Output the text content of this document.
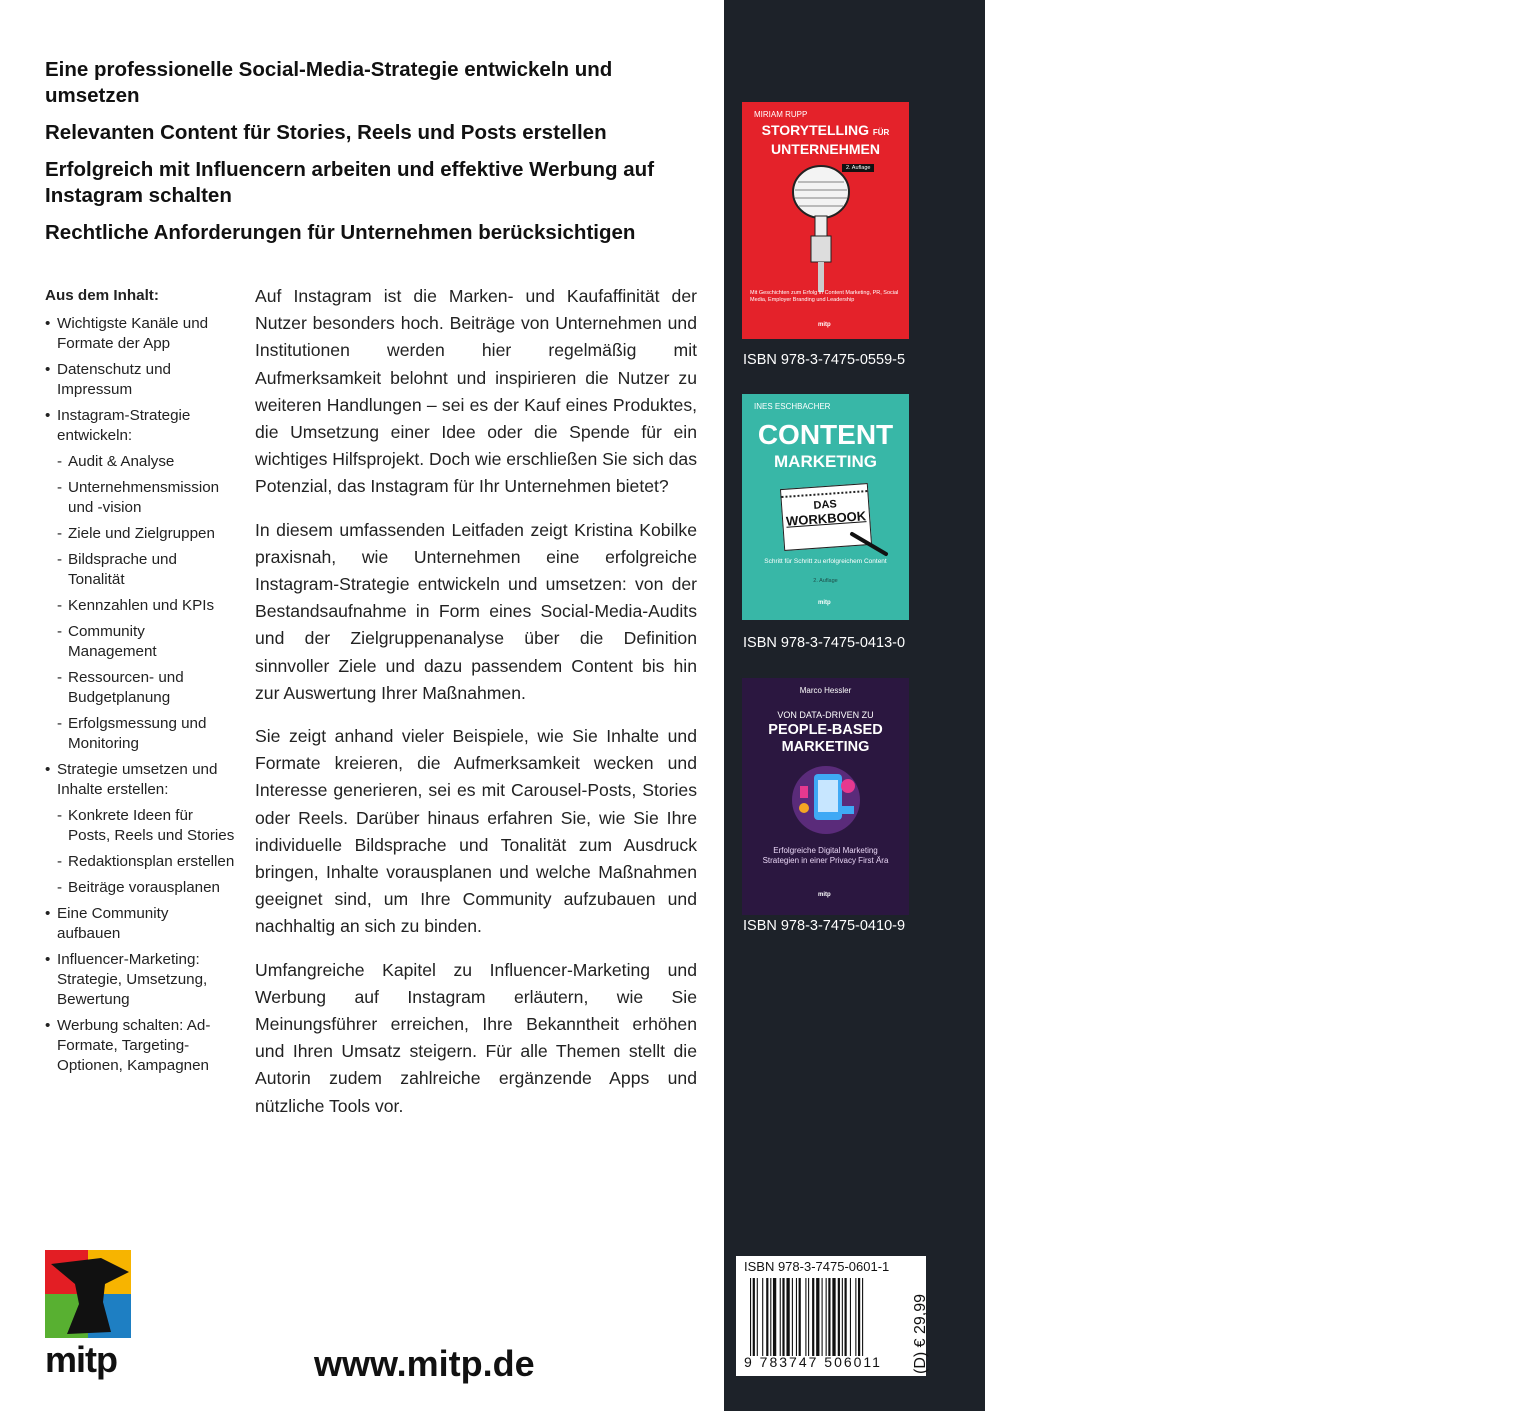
Eine professionelle Social-Media-Strategie entwickeln und umsetzen
Relevanten Content für Stories, Reels und Posts erstellen
Erfolgreich mit Influencern arbeiten und effektive Werbung auf Instagram schalten
Rechtliche Anforderungen für Unternehmen berücksichtigen
Aus dem Inhalt:
• Wichtigste Kanäle und Formate der App
• Datenschutz und Impressum
• Instagram-Strategie entwickeln:
- Audit & Analyse
- Unternehmensmission und -vision
- Ziele und Zielgruppen
- Bildsprache und Tonalität
- Kennzahlen und KPIs
- Community Management
- Ressourcen- und Budgetplanung
- Erfolgsmessung und Monitoring
• Strategie umsetzen und Inhalte erstellen:
- Konkrete Ideen für Posts, Reels und Stories
- Redaktionsplan erstellen
- Beiträge vorausplanen
• Eine Community aufbauen
• Influencer-Marketing: Strategie, Umsetzung, Bewertung
• Werbung schalten: Ad-Formate, Targeting-Optionen, Kampagnen

Auf Instagram ist die Marken- und Kaufaffinität der Nutzer besonders hoch. Beiträge von Unternehmen und Institutionen werden hier regelmäßig mit Aufmerksamkeit belohnt und inspirieren die Nutzer zu weiteren Handlungen – sei es der Kauf eines Produktes, die Umsetzung einer Idee oder die Spende für ein wichtiges Hilfsprojekt. Doch wie erschließen Sie sich das Potenzial, das Instagram für Ihr Unternehmen bietet?

In diesem umfassenden Leitfaden zeigt Kristina Kobilke praxisnah, wie Unternehmen eine erfolgreiche Instagram-Strategie entwickeln und umsetzen: von der Bestandsaufnahme in Form eines Social-Media-Audits und der Zielgruppenanalyse über die Definition sinnvoller Ziele und dazu passendem Content bis hin zur Auswertung Ihrer Maßnahmen.

Sie zeigt anhand vieler Beispiele, wie Sie Inhalte und Formate kreieren, die Aufmerksamkeit wecken und Interesse generieren, sei es mit Carousel-Posts, Stories oder Reels. Darüber hinaus erfahren Sie, wie Sie Ihre individuelle Bildsprache und Tonalität zum Ausdruck bringen, Inhalte vorausplanen und welche Maßnahmen geeignet sind, um Ihre Community aufzubauen und nachhaltig an sich zu binden.

Umfangreiche Kapitel zu Influencer-Marketing und Werbung auf Instagram erläutern, wie Sie Meinungsführer erreichen, Ihre Bekanntheit erhöhen und Ihren Umsatz steigern. Für alle Themen stellt die Autorin zudem zahlreiche ergänzende Apps und nützliche Tools vor.

mitp	www.mitp.de
Außerdem bei mitp:
MIRIAM RUPP
STORYTELLING FÜR
UNTERNEHMEN
2. Auflage
Mit Geschichten zum Erfolg in Content Marketing, PR, Social Media, Employer Branding und Leadership
mitp
ISBN 978-3-7475-0559-5
INES ESCHBACHER
CONTENT
MARKETING
DAS
WORKBOOK
Schritt für Schritt zu erfolgreichem Content
2. Auflage
mitp
ISBN 978-3-7475-0413-0
Marco Hessler
VON DATA-DRIVEN ZU
PEOPLE-BASED
MARKETING
Erfolgreiche Digital Marketing Strategien in einer Privacy First Ära
mitp
ISBN 978-3-7475-0410-9
ISBN 978-3-7475-0601-1
9 783747 506011 (D) € 29,99
